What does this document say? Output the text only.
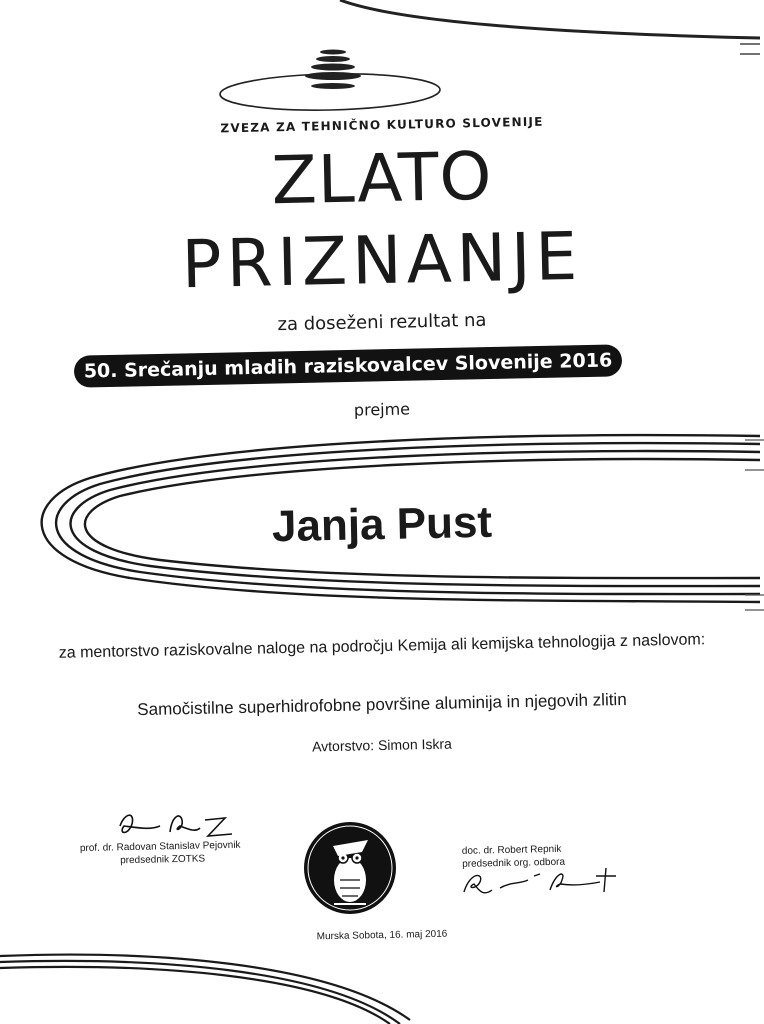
ZVEZA ZA TEHNIČNO KULTURO SLOVENIJE
ZLATO
PRIZNANJE
za doseženi rezultat na
50. Srečanju mladih raziskovalcev Slovenije 2016
prejme
Janja Pust
za mentorstvo raziskovalne naloge na področju Kemija ali kemijska tehnologija z naslovom:
Samočistilne superhidrofobne površine aluminija in njegovih zlitin
Avtorstvo: Simon Iskra
prof. dr. Radovan Stanislav Pejovnik
predsednik ZOTKS
doc. dr. Robert Repnik
predsednik org. odbora
Murska Sobota, 16. maj 2016
